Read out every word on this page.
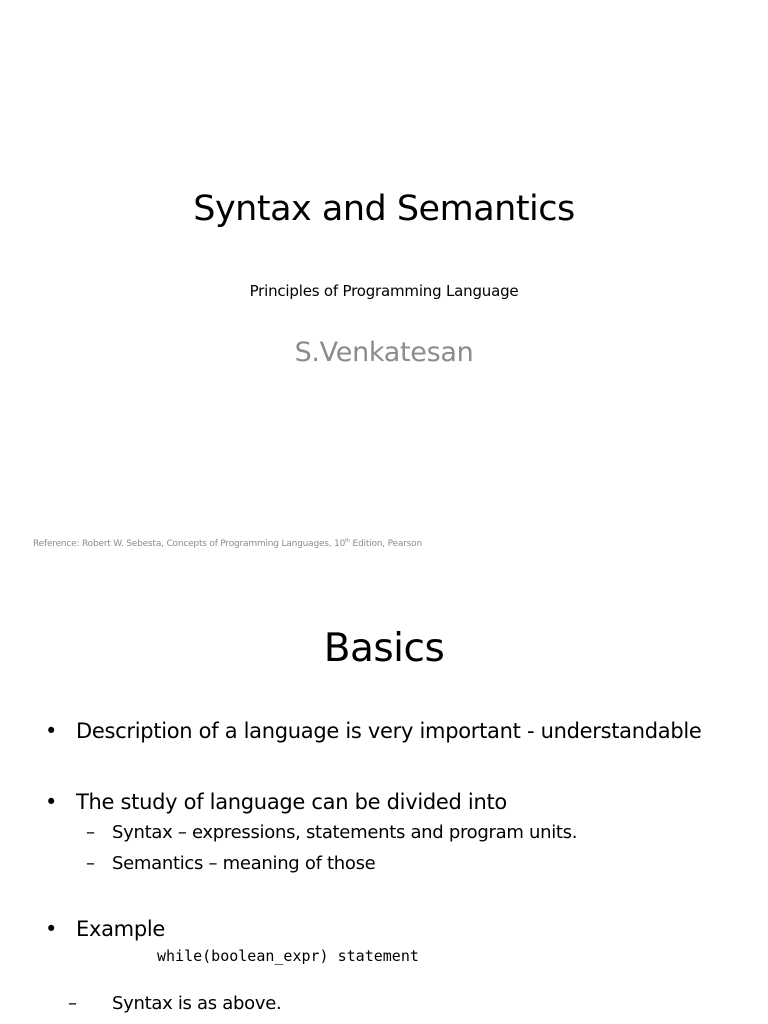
Syntax and Semantics
Principles of Programming Language
S.Venkatesan
Reference: Robert W. Sebesta, Concepts of Programming Languages, 10th Edition, Pearson
Basics
• Description of a language is very important - understandable
• The study of language can be divided into
– Syntax – expressions, statements and program units.
– Semantics – meaning of those
• Example
while(boolean_expr) statement
– Syntax is as above.
